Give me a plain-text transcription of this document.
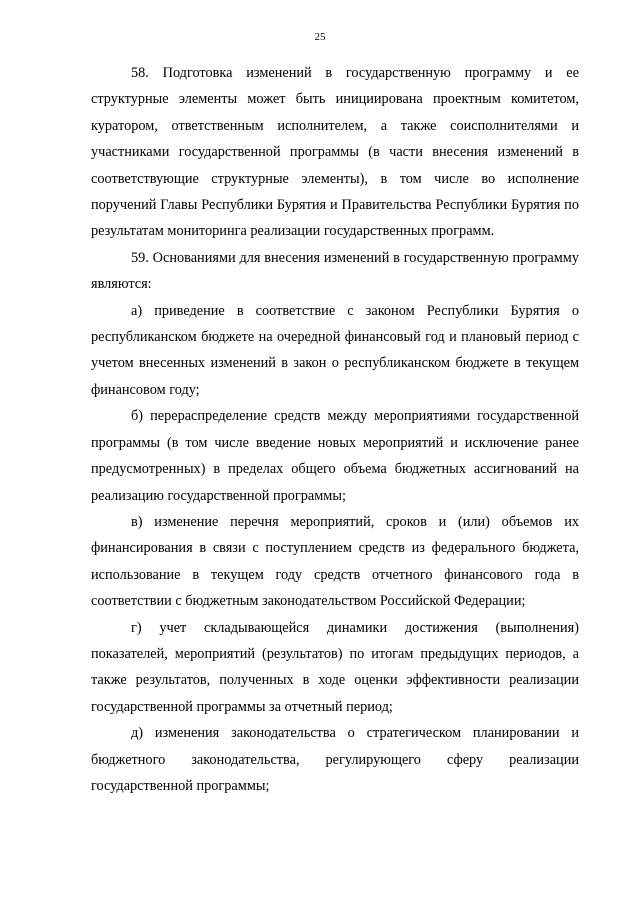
25

58. Подготовка изменений в государственную программу и ее структурные элементы может быть инициирована проектным комитетом, куратором, ответственным исполнителем, а также соисполнителями и участниками государственной программы (в части внесения изменений в соответствующие структурные элементы), в том числе во исполнение поручений Главы Республики Бурятия и Правительства Республики Бурятия по результатам мониторинга реализации государственных программ.

59. Основаниями для внесения изменений в государственную программу являются:

а) приведение в соответствие с законом Республики Бурятия о республиканском бюджете на очередной финансовый год и плановый период с учетом внесенных изменений в закон о республиканском бюджете в текущем финансовом году;

б) перераспределение средств между мероприятиями государственной программы (в том числе введение новых мероприятий и исключение ранее предусмотренных) в пределах общего объема бюджетных ассигнований на реализацию государственной программы;

в) изменение перечня мероприятий, сроков и (или) объемов их финансирования в связи с поступлением средств из федерального бюджета, использование в текущем году средств отчетного финансового года в соответствии с бюджетным законодательством Российской Федерации;

г) учет складывающейся динамики достижения (выполнения) показателей, мероприятий (результатов) по итогам предыдущих периодов, а также результатов, полученных в ходе оценки эффективности реализации государственной программы за отчетный период;

д) изменения законодательства о стратегическом планировании и бюджетного законодательства, регулирующего сферу реализации государственной программы;
